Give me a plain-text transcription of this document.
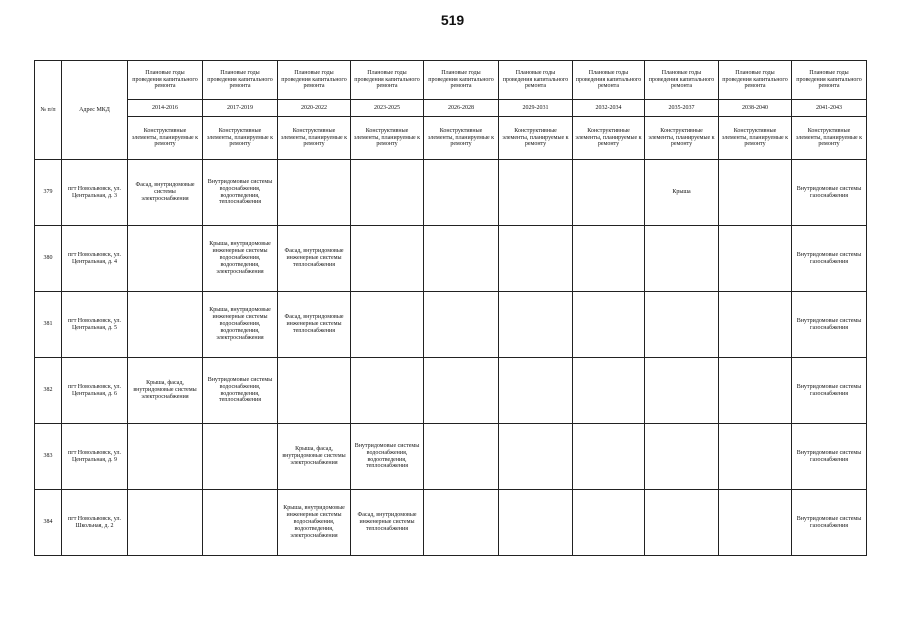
519
№ п/п	Адрес МКД	Плановые годы проведения капитального ремонта	Плановые годы проведения капитального ремонта	Плановые годы проведения капитального ремонта	Плановые годы проведения капитального ремонта	Плановые годы проведения капитального ремонта	Плановые годы проведения капитального ремонта	Плановые годы проведения капитального ремонта	Плановые годы проведения капитального ремонта	Плановые годы проведения капитального ремонта	Плановые годы проведения капитального ремонта
		2014-2016	2017-2019	2020-2022	2023-2025	2026-2028	2029-2031	2032-2034	2035-2037	2038-2040	2041-2043
		Конструктивные элементы, планируемые к ремонту	Конструктивные элементы, планируемые к ремонту	Конструктивные элементы, планируемые к ремонту	Конструктивные элементы, планируемые к ремонту	Конструктивные элементы, планируемые к ремонту	Конструктивные элементы, планируемые к ремонту	Конструктивные элементы, планируемые к ремонту	Конструктивные элементы, планируемые к ремонту	Конструктивные элементы, планируемые к ремонту	Конструктивные элементы, планируемые к ремонту
379	пгт Новольвовск, ул. Центральная, д. 3	Фасад, внутридомовые системы электроснабжения	Внутридомовые системы водоснабжения, водоотведения, теплоснабжения						Крыша		Внутридомовые системы газоснабжения
380	пгт Новольвовск, ул. Центральная, д. 4		Крыша, внутридомовые инженерные системы водоснабжения, водоотведения, электроснабжения	Фасад, внутридомовые инженерные системы теплоснабжения							Внутридомовые системы газоснабжения
381	пгт Новольвовск, ул. Центральная, д. 5		Крыша, внутридомовые инженерные системы водоснабжения, водоотведения, электроснабжения	Фасад, внутридомовые инженерные системы теплоснабжения							Внутридомовые системы газоснабжения
382	пгт Новольвовск, ул. Центральная, д. 6	Крыша, фасад, внутридомовые системы электроснабжения	Внутридомовые системы водоснабжения, водоотведения, теплоснабжения								Внутридомовые системы газоснабжения
383	пгт Новольвовск, ул. Центральная, д. 9			Крыша, фасад, внутридомовые системы электроснабжения	Внутридомовые системы водоснабжения, водоотведения, теплоснабжения						Внутридомовые системы газоснабжения
384	пгт Новольвовск, ул. Школьная, д. 2			Крыша, внутридомовые инженерные системы водоснабжения, водоотведения, электроснабжения	Фасад, внутридомовые инженерные системы теплоснабжения						Внутридомовые системы газоснабжения
